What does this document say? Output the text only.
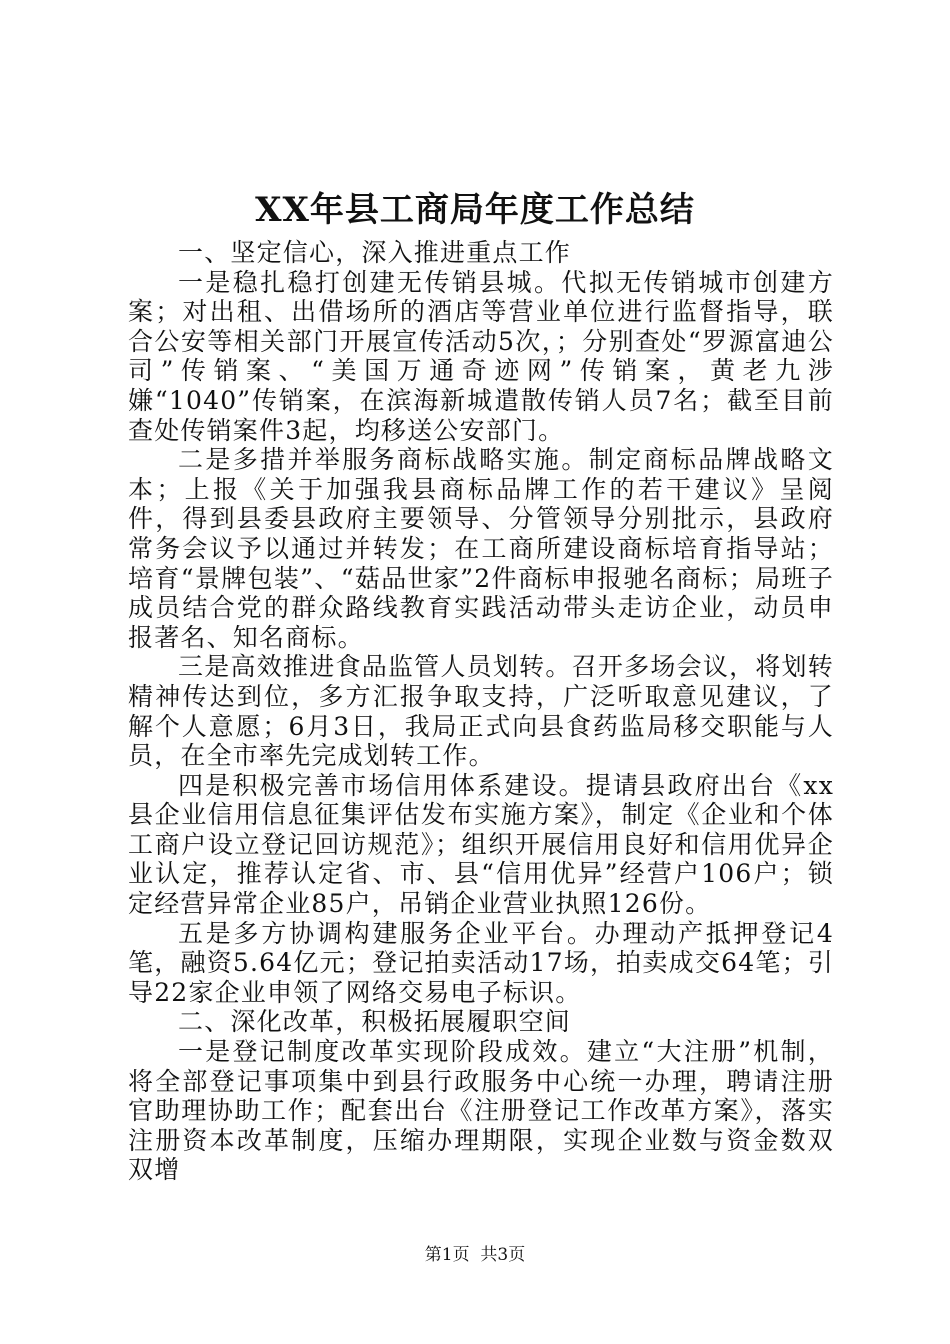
XX年县工商局年度工作总结

一、坚定信心，深入推进重点工作

一是稳扎稳打创建无传销县城。代拟无传销城市创建方案；对出租、出借场所的酒店等营业单位进行监督指导，联合公安等相关部门开展宣传活动5次，；分别查处“罗源富迪公司”传销案、“美国万通奇迹网”传销案，黄老九涉嫌“1040”传销案，在滨海新城遣散传销人员7名；截至目前查处传销案件3起，均移送公安部门。

二是多措并举服务商标战略实施。制定商标品牌战略文本；上报《关于加强我县商标品牌工作的若干建议》呈阅件，得到县委县政府主要领导、分管领导分别批示，县政府常务会议予以通过并转发；在工商所建设商标培育指导站；培育“景牌包装”、“菇品世家”2件商标申报驰名商标；局班子成员结合党的群众路线教育实践活动带头走访企业，动员申报著名、知名商标。

三是高效推进食品监管人员划转。召开多场会议，将划转精神传达到位，多方汇报争取支持，广泛听取意见建议，了解个人意愿；6月3日，我局正式向县食药监局移交职能与人员，在全市率先完成划转工作。

四是积极完善市场信用体系建设。提请县政府出台《xx县企业信用信息征集评估发布实施方案》，制定《企业和个体工商户设立登记回访规范》；组织开展信用良好和信用优异企业认定，推荐认定省、市、县“信用优异”经营户106户；锁定经营异常企业85户，吊销企业营业执照126份。

五是多方协调构建服务企业平台。办理动产抵押登记4笔，融资5.64亿元；登记拍卖活动17场，拍卖成交64笔；引导22家企业申领了网络交易电子标识。

二、深化改革，积极拓展履职空间

一是登记制度改革实现阶段成效。建立“大注册”机制，将全部登记事项集中到县行政服务中心统一办理，聘请注册官助理协助工作；配套出台《注册登记工作改革方案》，落实注册资本改革制度，压缩办理期限，实现企业数与资金数双双增

第1页  共3页
